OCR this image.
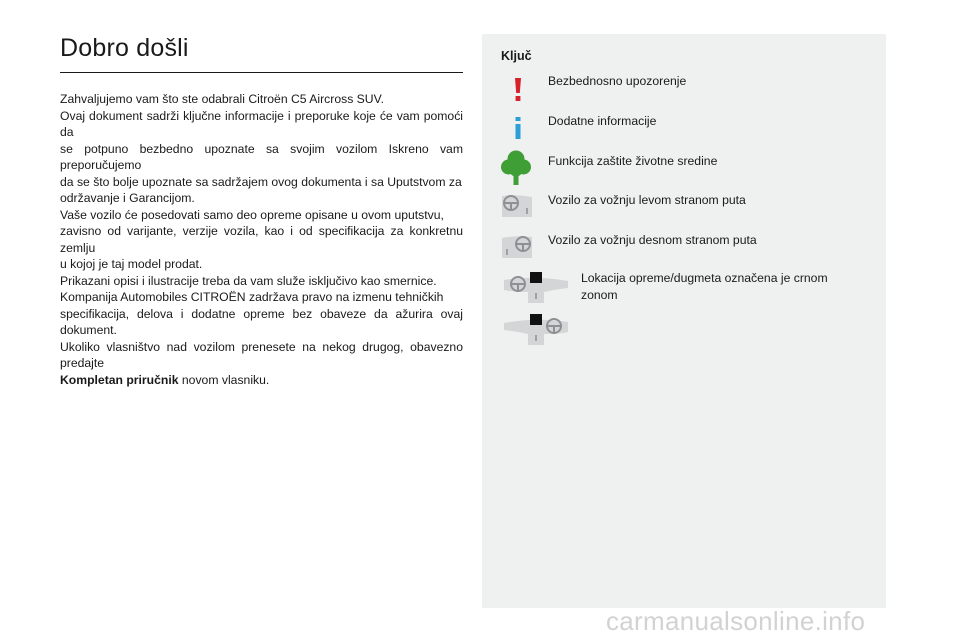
Dobro došli

Zahvaljujemo vam što ste odabrali Citroën C5 Aircross SUV.
Ovaj dokument sadrži ključne informacije i preporuke koje će vam pomoći da
se potpuno bezbedno upoznate sa svojim vozilom Iskreno vam preporučujemo
da se što bolje upoznate sa sadržajem ovog dokumenta i sa Uputstvom za
održavanje i Garancijom.
Vaše vozilo će posedovati samo deo opreme opisane u ovom uputstvu,
zavisno od varijante, verzije vozila, kao i od specifikacija za konkretnu zemlju
u kojoj je taj model prodat.
Prikazani opisi i ilustracije treba da vam služe isključivo kao smernice.
Kompanija Automobiles CITROËN zadržava pravo na izmenu tehničkih
specifikacija, delova i dodatne opreme bez obaveze da ažurira ovaj dokument.
Ukoliko vlasništvo nad vozilom prenesete na nekog drugog, obavezno predajte
Kompletan priručnik novom vlasniku.

Ključ
Bezbednosno upozorenje
Dodatne informacije
Funkcija zaštite životne sredine
Vozilo za vožnju levom stranom puta
Vozilo za vožnju desnom stranom puta
Lokacija opreme/dugmeta označena je crnom
zonom
carmanualsonline.info
